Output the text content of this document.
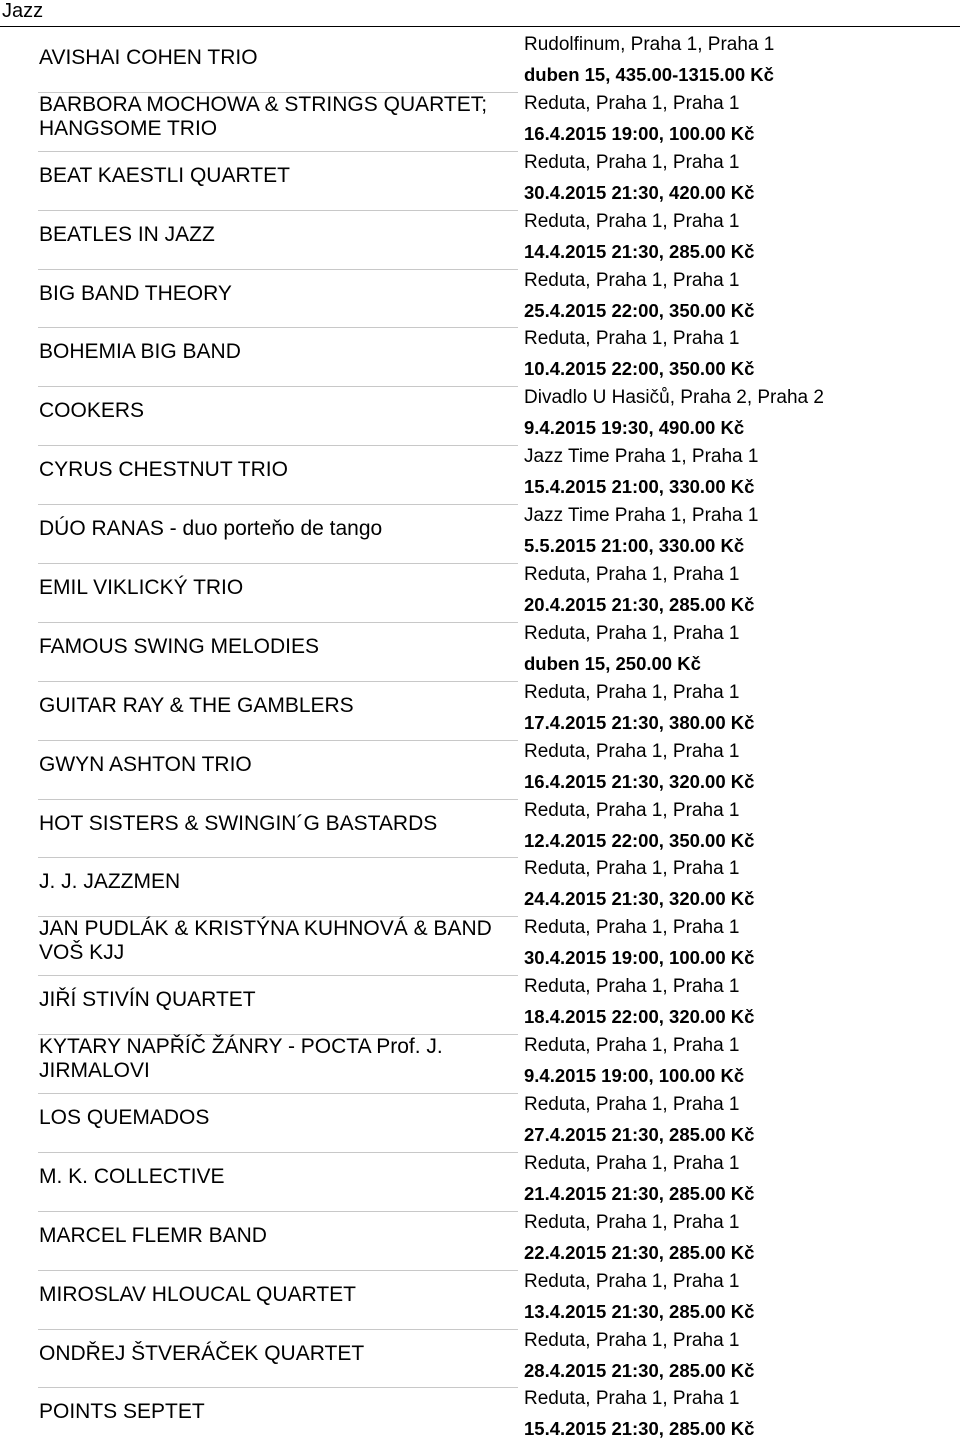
Jazz
AVISHAI COHEN TRIO
Rudolfinum, Praha 1, Praha 1
duben 15, 435.00-1315.00 Kč
BARBORA MOCHOWA & STRINGS QUARTET; HANGSOME TRIO
Reduta, Praha 1, Praha 1
16.4.2015 19:00, 100.00 Kč
BEAT KAESTLI QUARTET
Reduta, Praha 1, Praha 1
30.4.2015 21:30, 420.00 Kč
BEATLES IN JAZZ
Reduta, Praha 1, Praha 1
14.4.2015 21:30, 285.00 Kč
BIG BAND THEORY
Reduta, Praha 1, Praha 1
25.4.2015 22:00, 350.00 Kč
BOHEMIA BIG BAND
Reduta, Praha 1, Praha 1
10.4.2015 22:00, 350.00 Kč
COOKERS
Divadlo U Hasičů, Praha 2, Praha 2
9.4.2015 19:30, 490.00 Kč
CYRUS CHESTNUT TRIO
Jazz Time Praha 1, Praha 1
15.4.2015 21:00, 330.00 Kč
DÚO RANAS - duo porteňo de tango
Jazz Time Praha 1, Praha 1
5.5.2015 21:00, 330.00 Kč
EMIL VIKLICKÝ TRIO
Reduta, Praha 1, Praha 1
20.4.2015 21:30, 285.00 Kč
FAMOUS SWING MELODIES
Reduta, Praha 1, Praha 1
duben 15, 250.00 Kč
GUITAR RAY & THE GAMBLERS
Reduta, Praha 1, Praha 1
17.4.2015 21:30, 380.00 Kč
GWYN ASHTON TRIO
Reduta, Praha 1, Praha 1
16.4.2015 21:30, 320.00 Kč
HOT SISTERS & SWINGIN´G BASTARDS
Reduta, Praha 1, Praha 1
12.4.2015 22:00, 350.00 Kč
J. J. JAZZMEN
Reduta, Praha 1, Praha 1
24.4.2015 21:30, 320.00 Kč
JAN PUDLÁK & KRISTÝNA KUHNOVÁ & BAND VOŠ KJJ
Reduta, Praha 1, Praha 1
30.4.2015 19:00, 100.00 Kč
JIŘÍ STIVÍN QUARTET
Reduta, Praha 1, Praha 1
18.4.2015 22:00, 320.00 Kč
KYTARY NAPŘÍČ ŽÁNRY - POCTA Prof. J. JIRMALOVI
Reduta, Praha 1, Praha 1
9.4.2015 19:00, 100.00 Kč
LOS QUEMADOS
Reduta, Praha 1, Praha 1
27.4.2015 21:30, 285.00 Kč
M. K. COLLECTIVE
Reduta, Praha 1, Praha 1
21.4.2015 21:30, 285.00 Kč
MARCEL FLEMR BAND
Reduta, Praha 1, Praha 1
22.4.2015 21:30, 285.00 Kč
MIROSLAV HLOUCAL QUARTET
Reduta, Praha 1, Praha 1
13.4.2015 21:30, 285.00 Kč
ONDŘEJ ŠTVERÁČEK QUARTET
Reduta, Praha 1, Praha 1
28.4.2015 21:30, 285.00 Kč
POINTS SEPTET
Reduta, Praha 1, Praha 1
15.4.2015 21:30, 285.00 Kč
